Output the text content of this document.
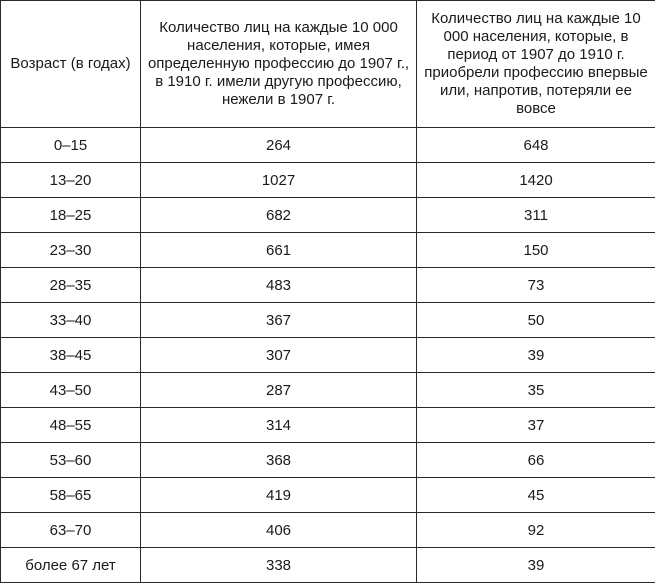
Возраст (в годах)	Количество лиц на каждые 10 000 населения, которые, имея определенную профессию до 1907 г., в 1910 г. имели другую профессию, нежели в 1907 г.	Количество лиц на каждые 10 000 населения, которые, в период от 1907 до 1910 г. приобрели профессию впервые или, напротив, потеряли ее вовсе

0–15	264	648
13–20	1027	1420
18–25	682	311
23–30	661	150
28–35	483	73
33–40	367	50
38–45	307	39
43–50	287	35
48–55	314	37
53–60	368	66
58–65	419	45
63–70	406	92
более 67 лет	338	39
